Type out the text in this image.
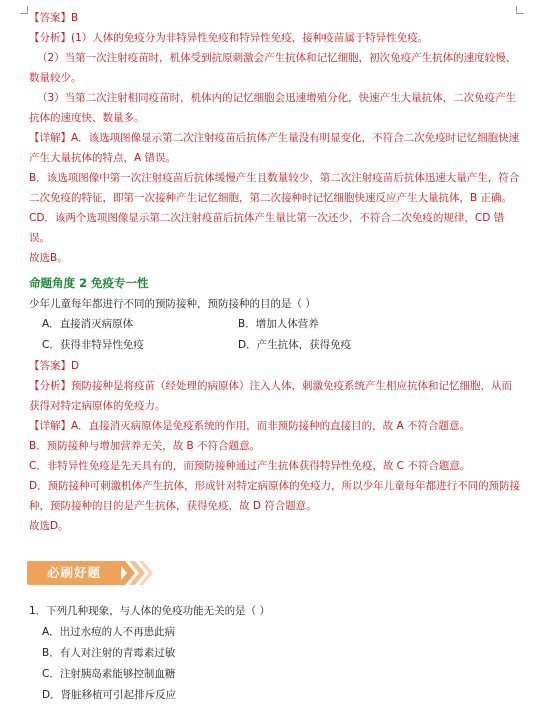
【答案】B

【分析】(1）人体的免疫分为非特异性免疫和特异性免疫，接种疫苗属于特异性免疫。

（2）当第一次注射疫苗时，机体受到抗原刺激会产生抗体和记忆细胞，初次免疫产生抗体的速度较慢、数量较少。

（3）当第二次注射相同疫苗时，机体内的记忆细胞会迅速增殖分化，快速产生大量抗体，二次免疫产生抗体的速度快、数量多。

【详解】A．该选项图像显示第二次注射疫苗后抗体产生量没有明显变化，不符合二次免疫时记忆细胞快速产生大量抗体的特点，A 错误。

B．该选项图像中第一次注射疫苗后抗体缓慢产生且数量较少，第二次注射疫苗后抗体迅速大量产生，符合二次免疫的特征，即第一次接种产生记忆细胞，第二次接种时记忆细胞快速反应产生大量抗体，B 正确。

CD．该两个选项图像显示第二次注射疫苗后抗体产生量比第一次还少，不符合二次免疫的规律，CD 错误。

故选B。

命题角度 2 免疫专一性

少年儿童每年都进行不同的预防接种，预防接种的目的是（ ）

A．直接消灭病原体	B．增加人体营养
C．获得非特异性免疫	D．产生抗体，获得免疫

【答案】D

【分析】预防接种是将疫苗（经处理的病原体）注入人体，刺激免疫系统产生相应抗体和记忆细胞，从而获得对特定病原体的免疫力。

【详解】A．直接消灭病原体是免疫系统的作用，而非预防接种的直接目的，故 A 不符合题意。

B．预防接种与增加营养无关，故 B 不符合题意。

C．非特异性免疫是先天具有的，而预防接种通过产生抗体获得特异性免疫，故 C 不符合题意。

D．预防接种可刺激机体产生抗体，形成针对特定病原体的免疫力，所以少年儿童每年都进行不同的预防接种，预防接种的目的是产生抗体，获得免疫，故 D 符合题意。

故选D。

必刷好题

1．下列几种现象，与人体的免疫功能无关的是（ ）

A．出过水痘的人不再患此病

B．有人对注射的青霉素过敏

C．注射胰岛素能够控制血糖

D．肾脏移植可引起排斥反应
